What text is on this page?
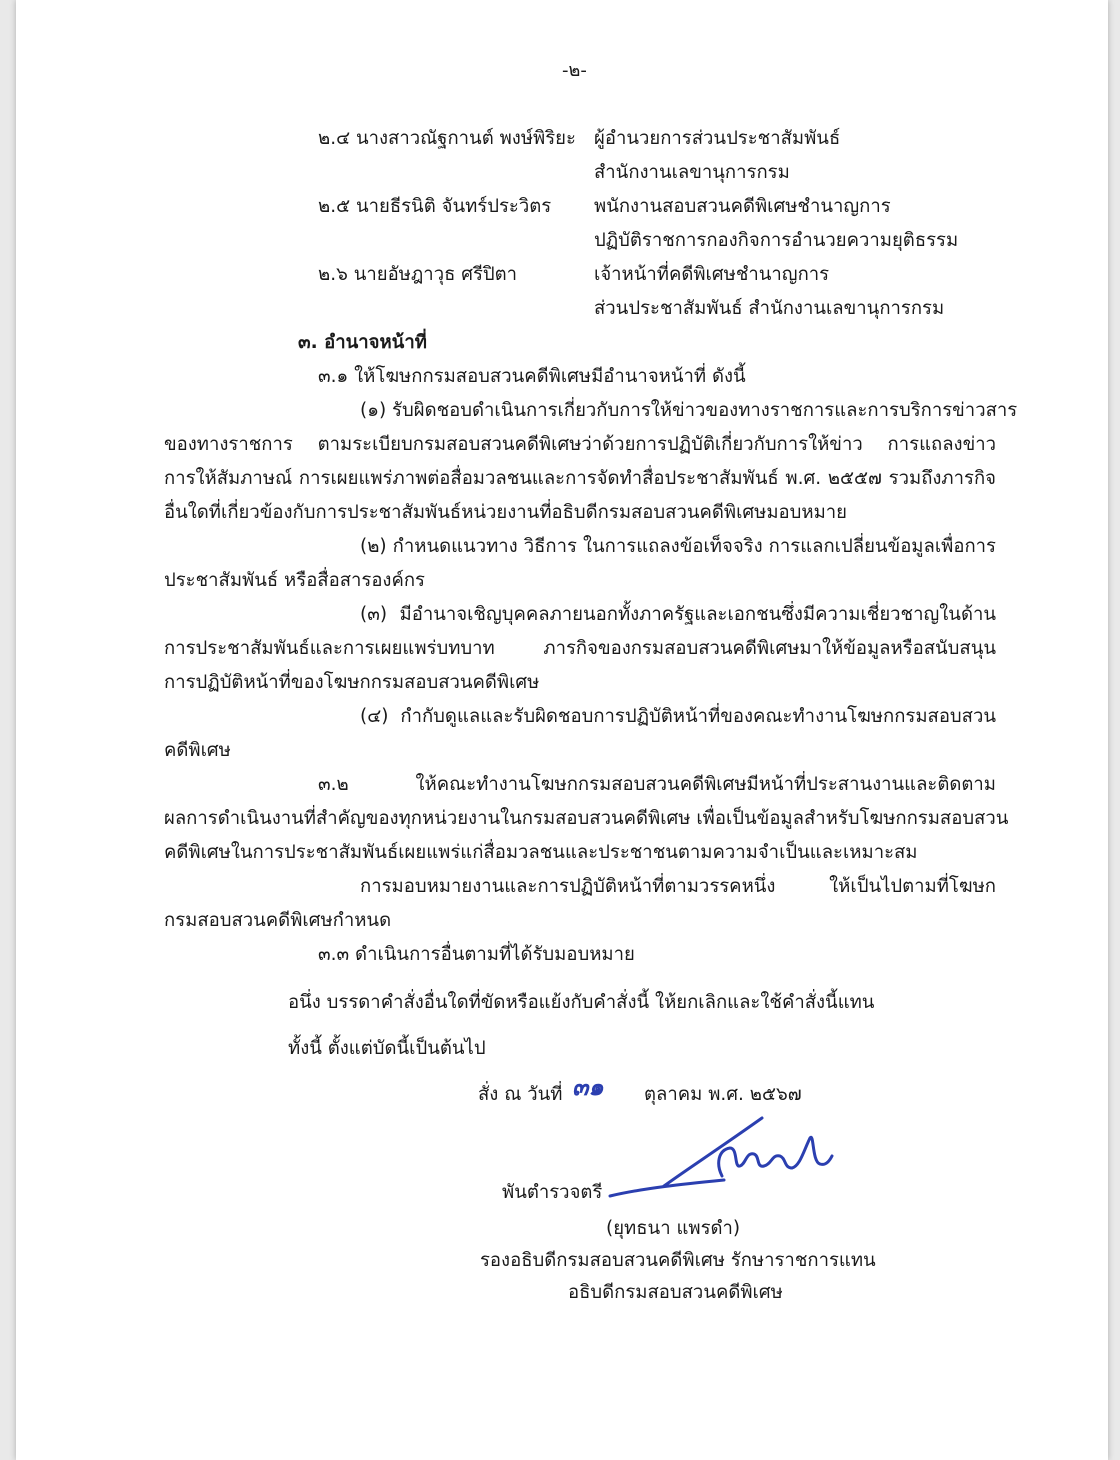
-๒-
๒.๔ นางสาวณัฐกานต์ พงษ์พิริยะ ผู้อำนวยการส่วนประชาสัมพันธ์
สำนักงานเลขานุการกรม
๒.๕ นายธีรนิติ จันทร์ประวิตร พนักงานสอบสวนคดีพิเศษชำนาญการ
ปฏิบัติราชการกองกิจการอำนวยความยุติธรรม
๒.๖ นายอัษฎาวุธ ศรีปิตา	เจ้าหน้าที่คดีพิเศษชำนาญการ
ส่วนประชาสัมพันธ์ สำนักงานเลขานุการกรม
๓. อำนาจหน้าที่
๓.๑ ให้โฆษกกรมสอบสวนคดีพิเศษมีอำนาจหน้าที่ ดังนี้
(๑) รับผิดชอบดำเนินการเกี่ยวกับการให้ข่าวของทางราชการและการบริการข่าวสาร
ของทางราชการ ตามระเบียบกรมสอบสวนคดีพิเศษว่าด้วยการปฏิบัติเกี่ยวกับการให้ข่าว การแถลงข่าว
การให้สัมภาษณ์ การเผยแพร่ภาพต่อสื่อมวลชนและการจัดทำสื่อประชาสัมพันธ์ พ.ศ. ๒๕๕๗ รวมถึงภารกิจ
อื่นใดที่เกี่ยวข้องกับการประชาสัมพันธ์หน่วยงานที่อธิบดีกรมสอบสวนคดีพิเศษมอบหมาย
(๒) กำหนดแนวทาง วิธีการ ในการแถลงข้อเท็จจริง การแลกเปลี่ยนข้อมูลเพื่อการ
ประชาสัมพันธ์ หรือสื่อสารองค์กร
(๓) มีอำนาจเชิญบุคคลภายนอกทั้งภาครัฐและเอกชนซึ่งมีความเชี่ยวชาญในด้าน
การประชาสัมพันธ์และการเผยแพร่บทบาท ภารกิจของกรมสอบสวนคดีพิเศษมาให้ข้อมูลหรือสนับสนุน
การปฏิบัติหน้าที่ของโฆษกกรมสอบสวนคดีพิเศษ
(๔) กำกับดูแลและรับผิดชอบการปฏิบัติหน้าที่ของคณะทำงานโฆษกกรมสอบสวน
คดีพิเศษ
๓.๒ ให้คณะทำงานโฆษกกรมสอบสวนคดีพิเศษมีหน้าที่ประสานงานและติดตาม
ผลการดำเนินงานที่สำคัญของทุกหน่วยงานในกรมสอบสวนคดีพิเศษ เพื่อเป็นข้อมูลสำหรับโฆษกกรมสอบสวน
คดีพิเศษในการประชาสัมพันธ์เผยแพร่แก่สื่อมวลชนและประชาชนตามความจำเป็นและเหมาะสม
การมอบหมายงานและการปฏิบัติหน้าที่ตามวรรคหนึ่ง ให้เป็นไปตามที่โฆษก
กรมสอบสวนคดีพิเศษกำหนด
๓.๓ ดำเนินการอื่นตามที่ได้รับมอบหมาย
อนึ่ง บรรดาคำสั่งอื่นใดที่ขัดหรือแย้งกับคำสั่งนี้ ให้ยกเลิกและใช้คำสั่งนี้แทน
ทั้งนี้ ตั้งแต่บัดนี้เป็นต้นไป
สั่ง ณ วันที่ ๓๑ ตุลาคม พ.ศ. ๒๕๖๗
พันตำรวจตรี
(ยุทธนา แพรดำ)
รองอธิบดีกรมสอบสวนคดีพิเศษ รักษาราชการแทน
อธิบดีกรมสอบสวนคดีพิเศษ
